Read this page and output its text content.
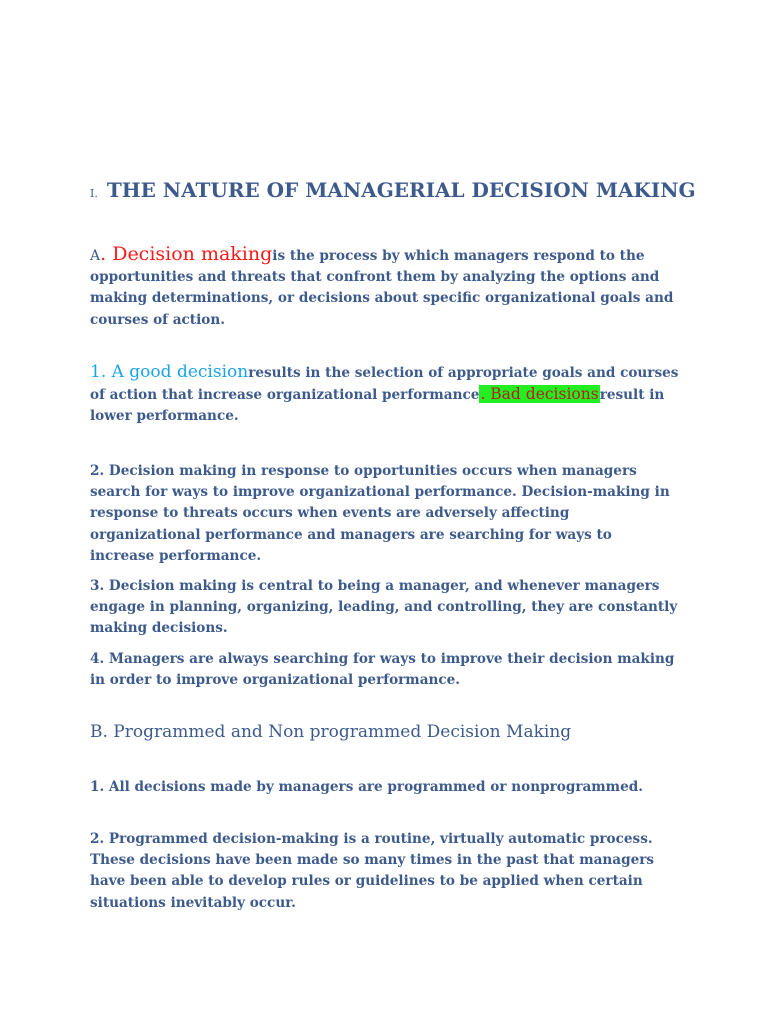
I. THE NATURE OF MANAGERIAL DECISION MAKING
A. Decision makingis the process by which managers respond to the opportunities and threats that confront them by analyzing the options and making determinations, or decisions about specific organizational goals and courses of action.
1. A good decisionresults in the selection of appropriate goals and courses of action that increase organizational performance. Bad decisionsresult in lower performance.
2. Decision making in response to opportunities occurs when managers search for ways to improve organizational performance. Decision-making in response to threats occurs when events are adversely affecting organizational performance and managers are searching for ways to increase performance.
3. Decision making is central to being a manager, and whenever managers engage in planning, organizing, leading, and controlling, they are constantly making decisions.
4. Managers are always searching for ways to improve their decision making in order to improve organizational performance.
B. Programmed and Non programmed Decision Making
1. All decisions made by managers are programmed or nonprogrammed.
2. Programmed decision-making is a routine, virtually automatic process. These decisions have been made so many times in the past that managers have been able to develop rules or guidelines to be applied when certain situations inevitably occur.
